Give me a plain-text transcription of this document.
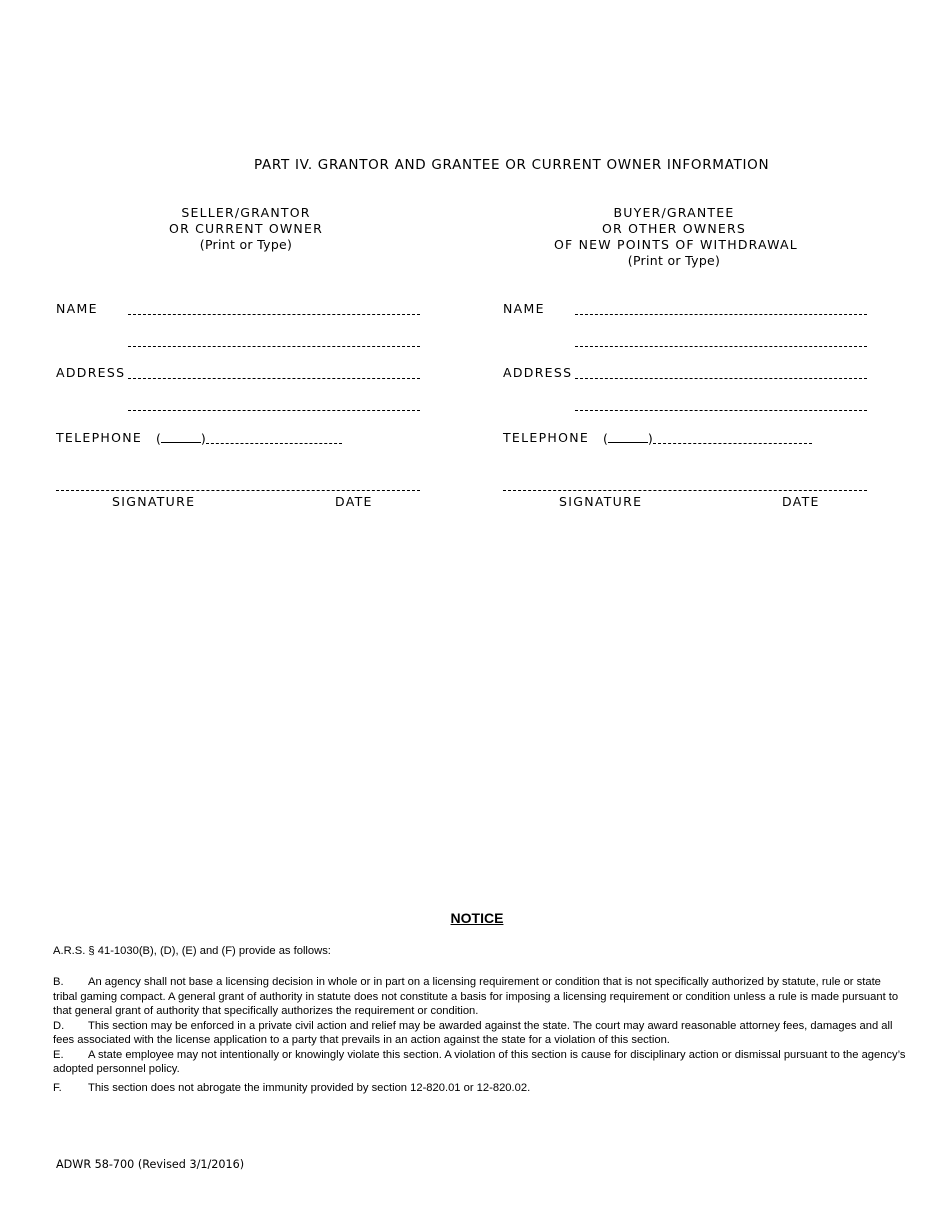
PART IV. GRANTOR AND GRANTEE OR CURRENT OWNER INFORMATION
SELLER/GRANTOR
OR CURRENT OWNER
(Print or Type)
BUYER/GRANTEE
OR OTHER OWNERS
OF NEW POINTS OF WITHDRAWAL
(Print or Type)
NAME
ADDRESS
TELEPHONE (	)
SIGNATURE	DATE
NAME
ADDRESS
TELEPHONE (	)
SIGNATURE	DATE
NOTICE
A.R.S. § 41-1030(B), (D), (E) and (F) provide as follows:
B. An agency shall not base a licensing decision in whole or in part on a licensing requirement or condition that is not specifically authorized by statute, rule or state tribal gaming compact. A general grant of authority in statute does not constitute a basis for imposing a licensing requirement or condition unless a rule is made pursuant to that general grant of authority that specifically authorizes the requirement or condition.
D. This section may be enforced in a private civil action and relief may be awarded against the state. The court may award reasonable attorney fees, damages and all fees associated with the license application to a party that prevails in an action against the state for a violation of this section.
E. A state employee may not intentionally or knowingly violate this section. A violation of this section is cause for disciplinary action or dismissal pursuant to the agency’s adopted personnel policy.
F. This section does not abrogate the immunity provided by section 12-820.01 or 12-820.02.
ADWR 58-700 (Revised 3/1/2016)
